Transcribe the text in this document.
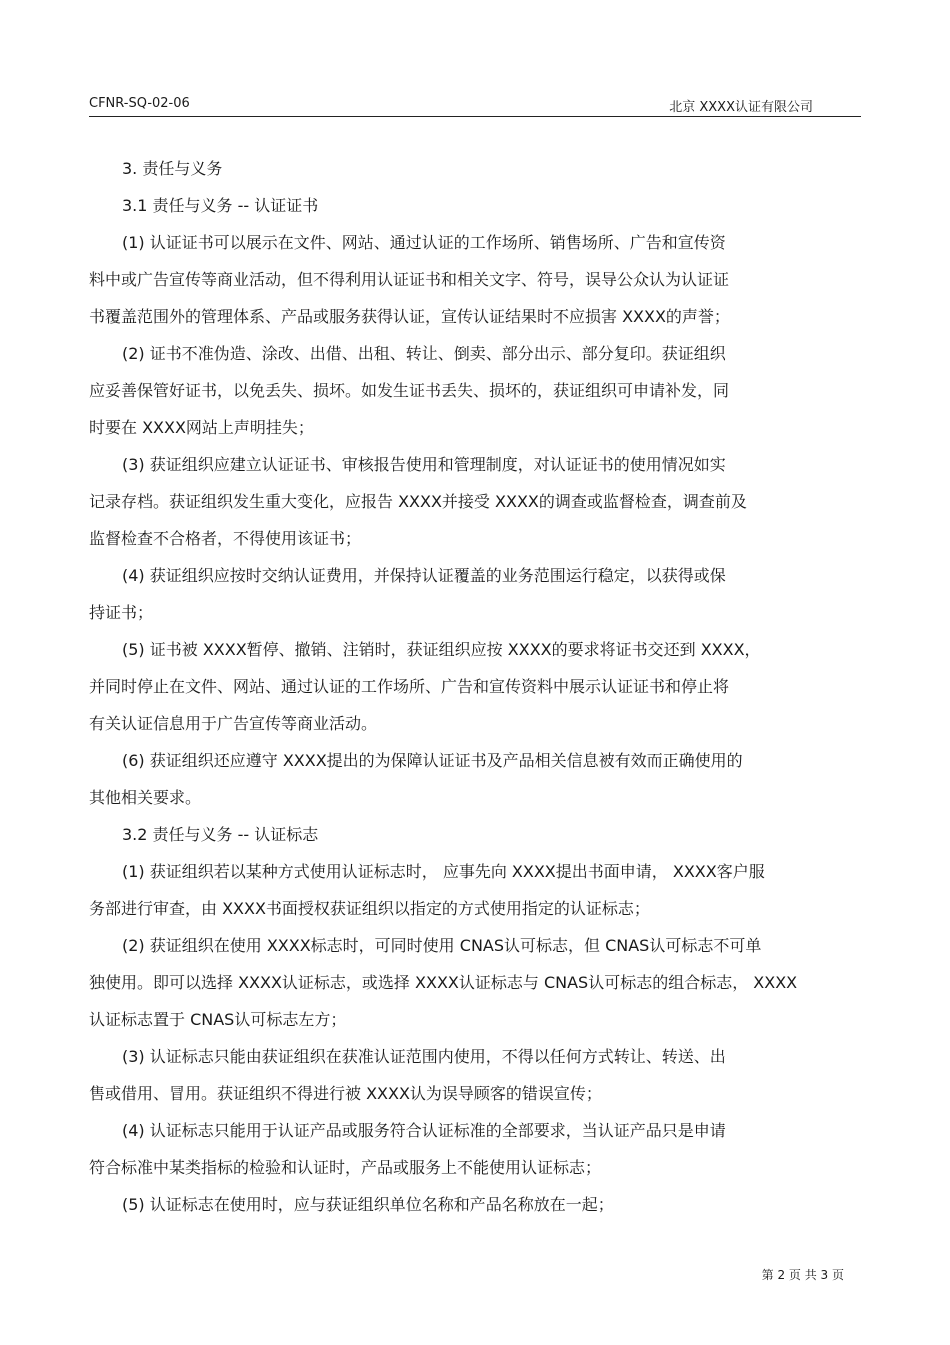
CFNR-SQ-02-06	北京 XXXX认证有限公司
3. 责任与义务
3.1 责任与义务 -- 认证证书
(1) 认证证书可以展示在文件、网站、通过认证的工作场所、销售场所、广告和宣传资
料中或广告宣传等商业活动，但不得利用认证证书和相关文字、符号，误导公众认为认证证
书覆盖范围外的管理体系、产品或服务获得认证，宣传认证结果时不应损害 XXXX的声誉；
(2) 证书不准伪造、涂改、出借、出租、转让、倒卖、部分出示、部分复印。获证组织
应妥善保管好证书，以免丢失、损坏。如发生证书丢失、损坏的，获证组织可申请补发，同
时要在 XXXX网站上声明挂失；
(3) 获证组织应建立认证证书、审核报告使用和管理制度，对认证证书的使用情况如实
记录存档。获证组织发生重大变化，应报告 XXXX并接受 XXXX的调查或监督检查，调查前及
监督检查不合格者，不得使用该证书；
(4) 获证组织应按时交纳认证费用，并保持认证覆盖的业务范围运行稳定，以获得或保
持证书；
(5) 证书被 XXXX暂停、撤销、注销时，获证组织应按 XXXX的要求将证书交还到 XXXX，
并同时停止在文件、网站、通过认证的工作场所、广告和宣传资料中展示认证证书和停止将
有关认证信息用于广告宣传等商业活动。
(6) 获证组织还应遵守 XXXX提出的为保障认证证书及产品相关信息被有效而正确使用的
其他相关要求。
3.2 责任与义务 -- 认证标志
(1) 获证组织若以某种方式使用认证标志时， 应事先向 XXXX提出书面申请， XXXX客户服
务部进行审查，由 XXXX书面授权获证组织以指定的方式使用指定的认证标志；
(2) 获证组织在使用 XXXX标志时，可同时使用 CNAS认可标志，但 CNAS认可标志不可单
独使用。即可以选择 XXXX认证标志，或选择 XXXX认证标志与 CNAS认可标志的组合标志， XXXX
认证标志置于 CNAS认可标志左方；
(3) 认证标志只能由获证组织在获准认证范围内使用，不得以任何方式转让、转送、出
售或借用、冒用。获证组织不得进行被 XXXX认为误导顾客的错误宣传；
(4) 认证标志只能用于认证产品或服务符合认证标准的全部要求，当认证产品只是申请
符合标准中某类指标的检验和认证时，产品或服务上不能使用认证标志；
(5) 认证标志在使用时，应与获证组织单位名称和产品名称放在一起；
第 2 页 共 3 页
